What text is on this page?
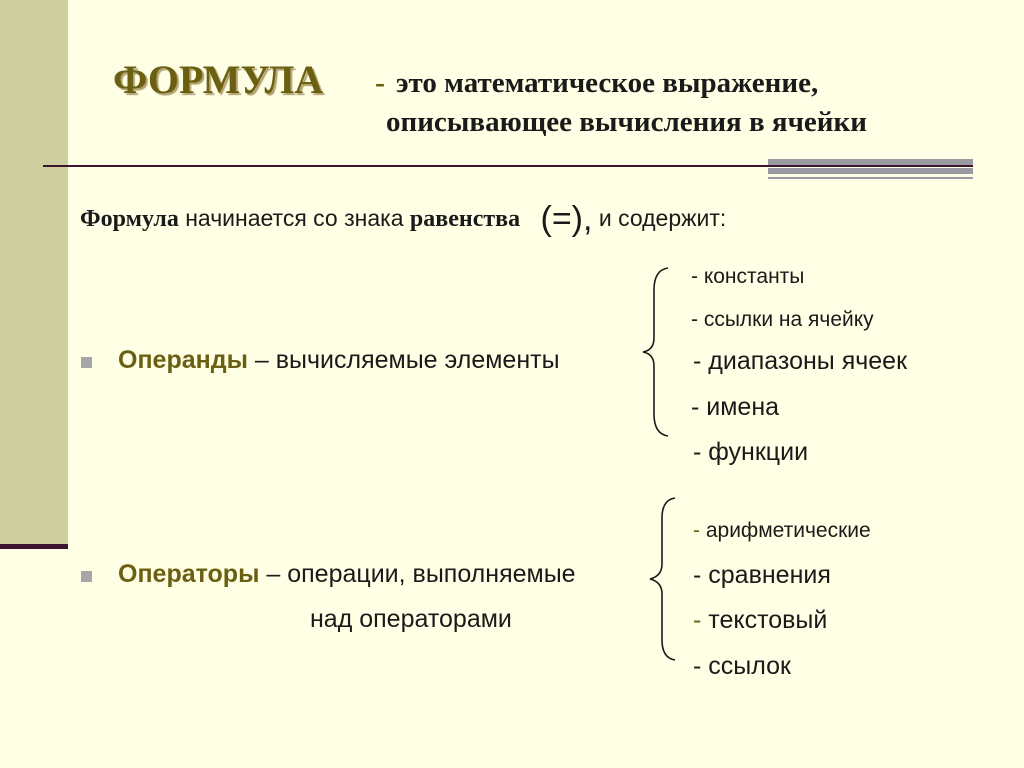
ФОРМУЛА - это математическое выражение,
описывающее вычисления в ячейки
Формула начинается со знака равенства (=), и содержит:
Операнды – вычисляемые элементы
- константы
- ссылки на ячейку
- диапазоны ячеек
- имена
- функции
Операторы – операции, выполняемые
над операторами
- арифметические
- сравнения
- текстовый
- ссылок
